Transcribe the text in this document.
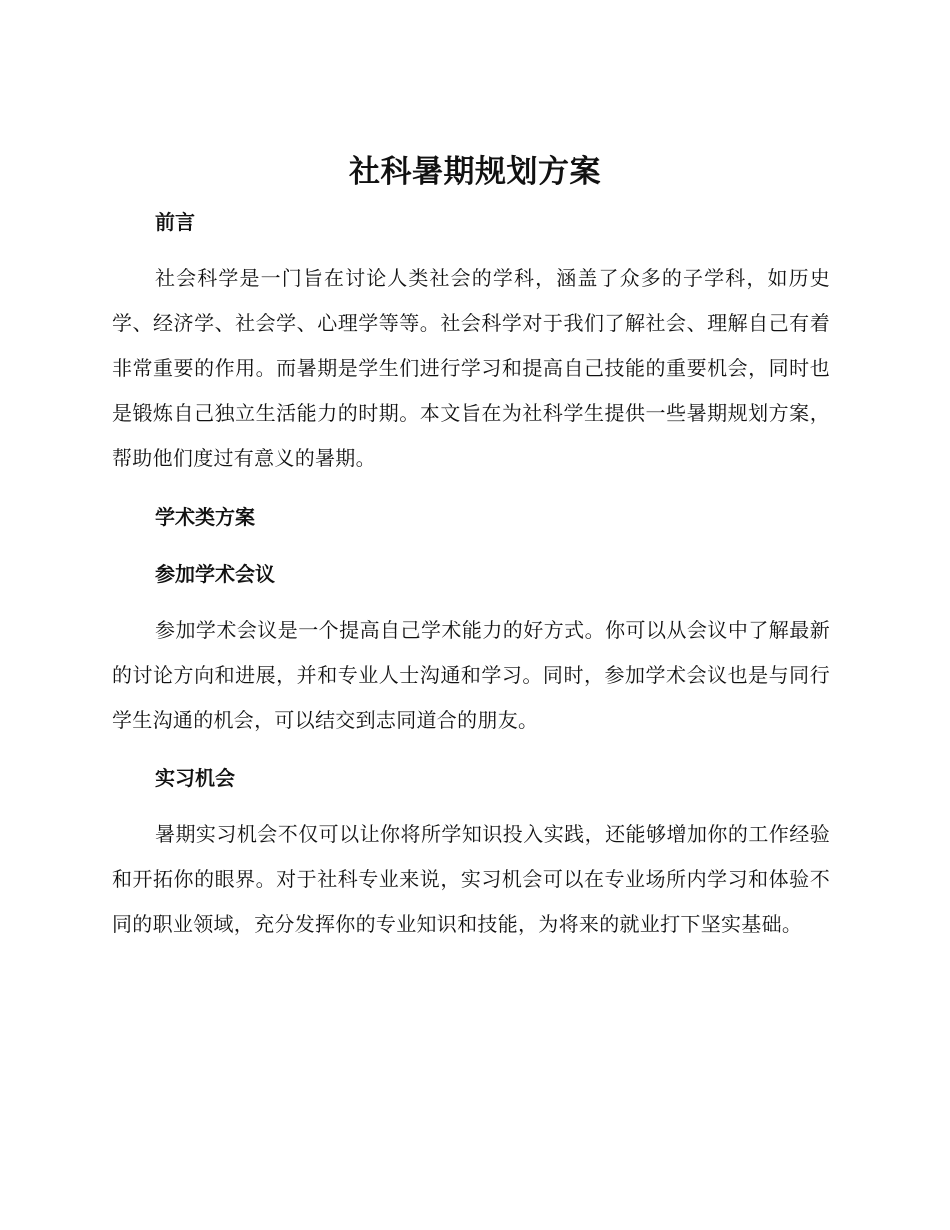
社科暑期规划方案
前言

社会科学是一门旨在讨论人类社会的学科，涵盖了众多的子学科，如历史学、经济学、社会学、心理学等等。社会科学对于我们了解社会、理解自己有着非常重要的作用。而暑期是学生们进行学习和提高自己技能的重要机会，同时也是锻炼自己独立生活能力的时期。本文旨在为社科学生提供一些暑期规划方案，帮助他们度过有意义的暑期。

学术类方案
参加学术会议

参加学术会议是一个提高自己学术能力的好方式。你可以从会议中了解最新的讨论方向和进展，并和专业人士沟通和学习。同时，参加学术会议也是与同行学生沟通的机会，可以结交到志同道合的朋友。

实习机会

暑期实习机会不仅可以让你将所学知识投入实践，还能够增加你的工作经验和开拓你的眼界。对于社科专业来说，实习机会可以在专业场所内学习和体验不同的职业领域，充分发挥你的专业知识和技能，为将来的就业打下坚实基础。
